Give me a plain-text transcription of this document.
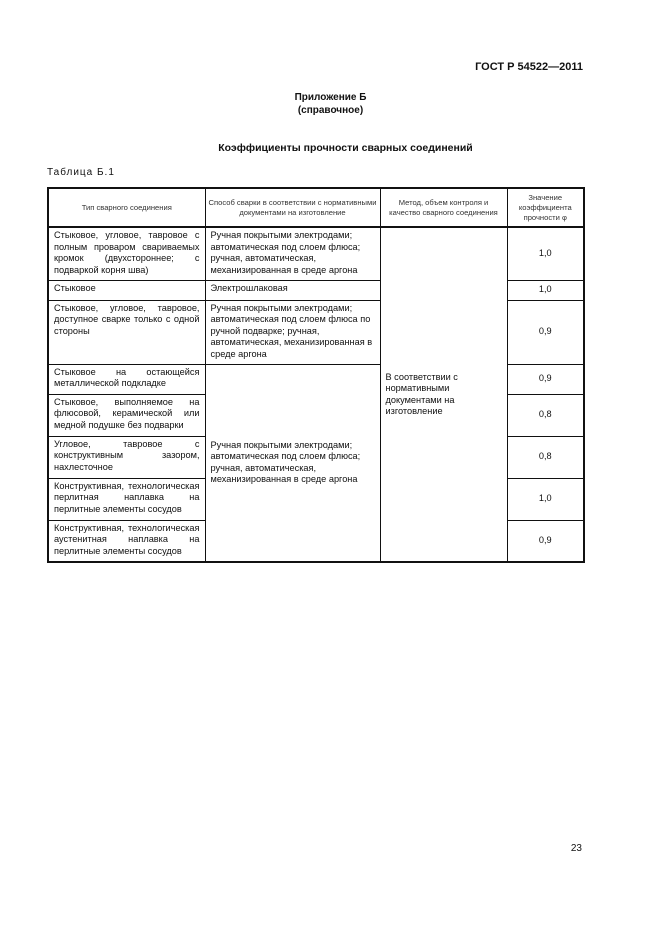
ГОСТ Р 54522—2011
Приложение Б
(справочное)
Коэффициенты прочности сварных соединений
Таблица Б.1
Тип сварного соединения	Способ сварки в соответствии с нормативными документами на изготовление	Метод, объем контроля и качество сварного соединения	Значение коэффициента прочности φ
Стыковое, угловое, тавровое с полным проваром свариваемых кромок (двухстороннее; с подваркой корня шва)	Ручная покрытыми электродами; автоматическая под слоем флюса; ручная, автоматическая, механизированная в среде аргона	В соответствии с нормативными документами на изготовление	1,0
Стыковое	Электрошлаковая		1,0
Стыковое, угловое, тавровое, доступное сварке только с одной стороны	Ручная покрытыми электродами; автоматическая под слоем флюса по ручной подварке; ручная, автоматическая, механизированная в среде аргона		0,9
Стыковое на остающейся металлической подкладке	Ручная покрытыми электродами; автоматическая под слоем флюса; ручная, автоматическая, механизированная в среде аргона		0,9
Стыковое, выполняемое на флюсовой, керамической или медной подушке без подварки			0,8
Угловое, тавровое с конструктивным зазором, нахлесточное			0,8
Конструктивная, технологическая перлитная наплавка на перлитные элементы сосудов			1,0
Конструктивная, технологическая аустенитная наплавка на перлитные элементы сосудов			0,9
23
